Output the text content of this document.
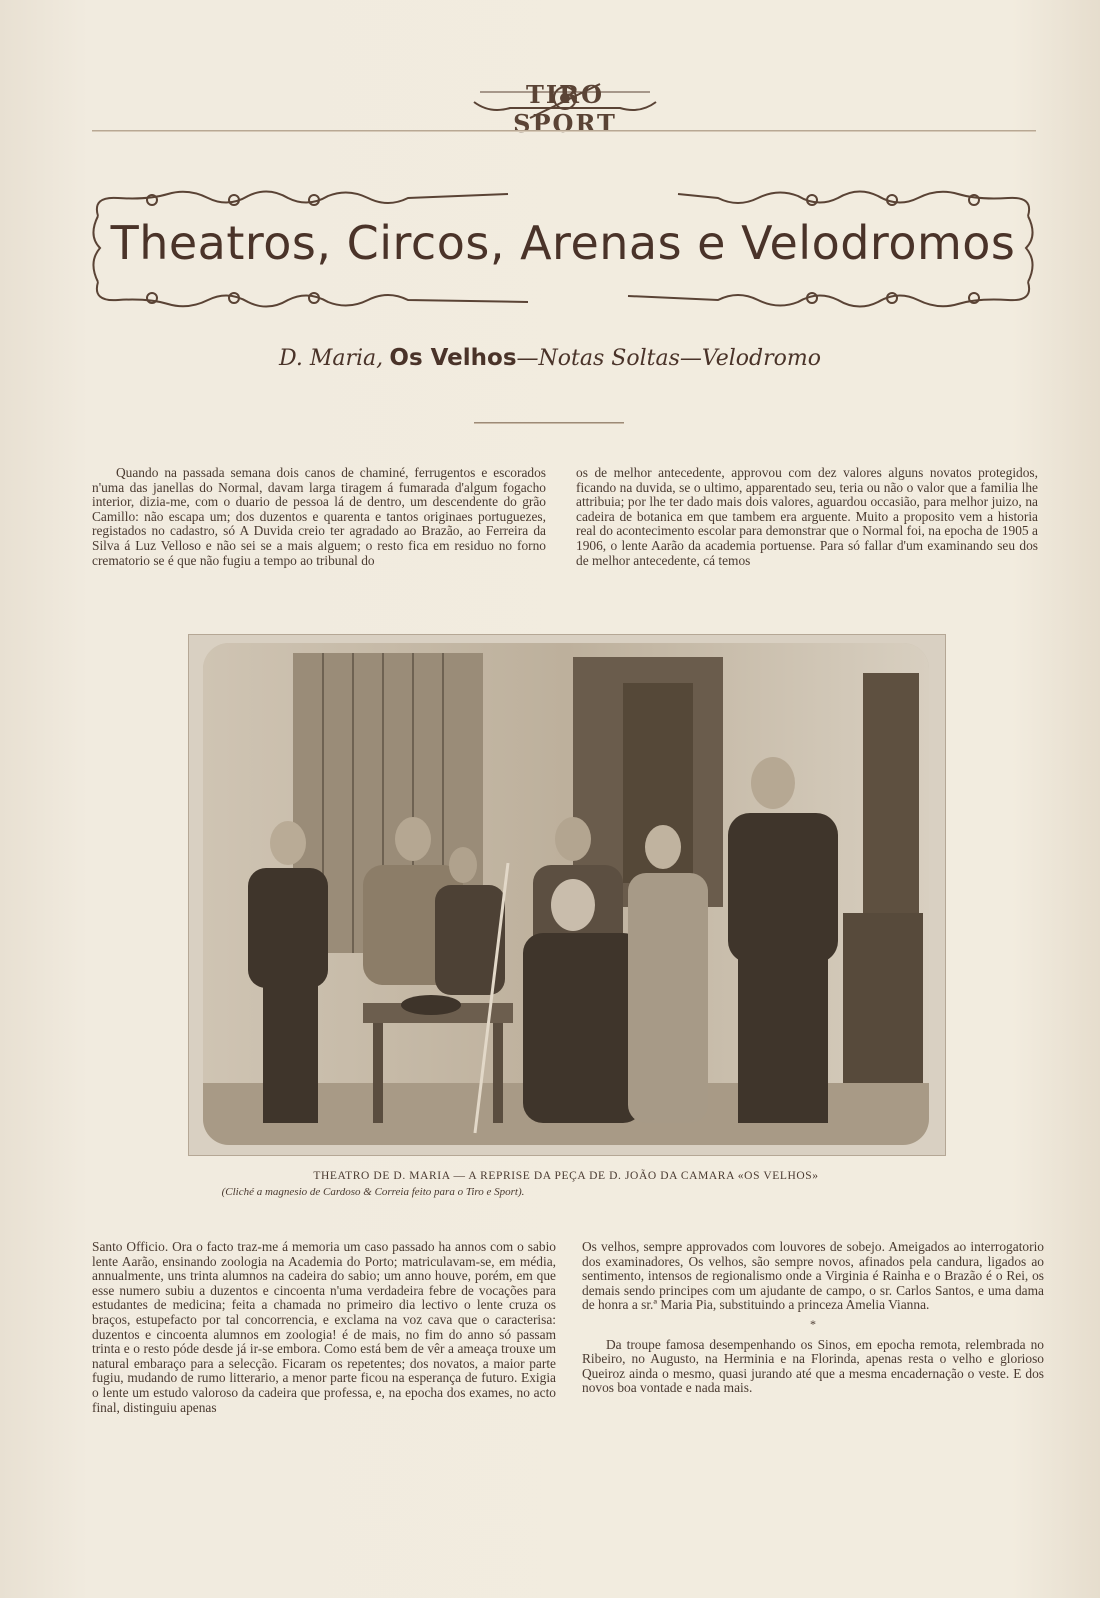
TIRO SPORT
Theatros, Circos, Arenas e Velodromos
D. Maria, Os Velhos—Notas Soltas—Velodromo

Quando na passada semana dois canos de chaminé, ferrugentos e escorados n'uma das janellas do Normal, davam larga tiragem á fumarada d'algum fogacho interior, dizia-me, com o duario de pessoa lá de dentro, um descendente do grão Camillo: não escapa um; dos duzentos e quarenta e tantos originaes portuguezes, registados no cadastro, só A Duvida creio ter agradado ao Brazão, ao Ferreira da Silva á Luz Velloso e não sei se a mais alguem; o resto fica em residuo no forno crematorio se é que não fugiu a tempo ao tribunal do

os de melhor antecedente, approvou com dez valores alguns novatos protegidos, ficando na duvida, se o ultimo, apparentado seu, teria ou não o valor que a familia lhe attribuia; por lhe ter dado mais dois valores, aguardou occasião, para melhor juizo, na cadeira de botanica em que tambem era arguente. Muito a proposito vem a historia real do acontecimento escolar para demonstrar que o Normal foi, na epocha de 1905 a 1906, o lente Aarão da academia portuense. Para só fallar d'um examinando seu dos de melhor antecedente, cá temos

THEATRO DE D. MARIA — A REPRISE DA PEÇA DE D. JOÃO DA CAMARA «OS VELHOS»
(Cliché a magnesio de Cardoso & Correia feito para o Tiro e Sport).

Santo Officio. Ora o facto traz-me á memoria um caso passado ha annos com o sabio lente Aarão, ensinando zoologia na Academia do Porto; matriculavam-se, em média, annualmente, uns trinta alumnos na cadeira do sabio; um anno houve, porém, em que esse numero subiu a duzentos e cincoenta n'uma verdadeira febre de vocações para estudantes de medicina; feita a chamada no primeiro dia lectivo o lente cruza os braços, estupefacto por tal concorrencia, e exclama na voz cava que o caracterisa: duzentos e cincoenta alumnos em zoologia! é de mais, no fim do anno só passam trinta e o resto póde desde já ir-se embora. Como está bem de vêr a ameaça trouxe um natural embaraço para a selecção. Ficaram os repetentes; dos novatos, a maior parte fugiu, mudando de rumo litterario, a menor parte ficou na esperança de futuro. Exigia o lente um estudo valoroso da cadeira que professa, e, na epocha dos exames, no acto final, distinguiu apenas

Os velhos, sempre approvados com louvores de sobejo. Ameigados ao interrogatorio dos examinadores, Os velhos, são sempre novos, afinados pela candura, ligados ao sentimento, intensos de regionalismo onde a Virginia é Rainha e o Brazão é o Rei, os demais sendo principes com um ajudante de campo, o sr. Carlos Santos, e uma dama de honra a sr.ª Maria Pia, substituindo a princeza Amelia Vianna.

*

Da troupe famosa desempenhando os Sinos, em epocha remota, relembrada no Ribeiro, no Augusto, na Herminia e na Florinda, apenas resta o velho e glorioso Queiroz ainda o mesmo, quasi jurando até que a mesma encadernação o veste. E dos novos boa vontade e nada mais.
